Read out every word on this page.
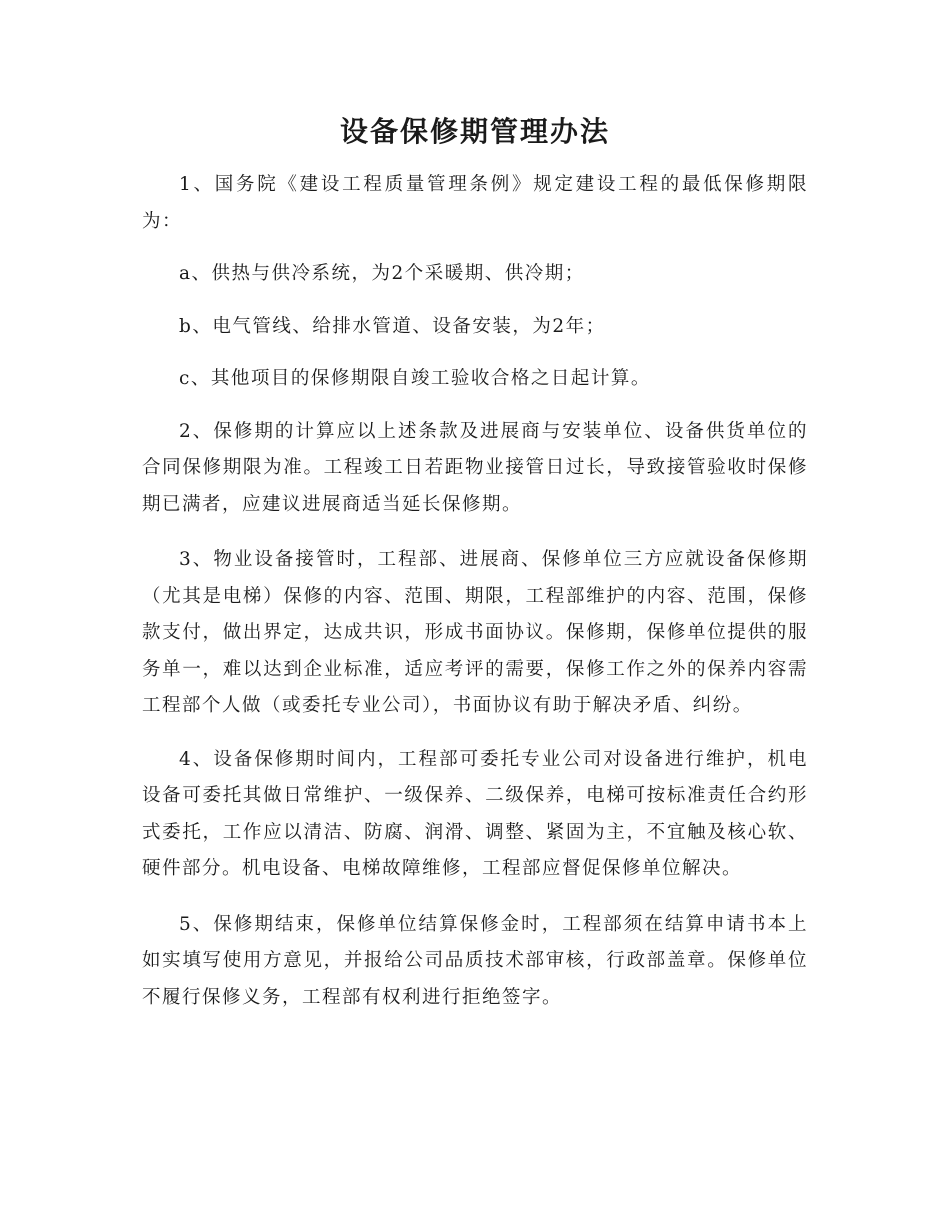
设备保修期管理办法

1、国务院《建设工程质量管理条例》规定建设工程的最低保修期限为：

a、供热与供冷系统，为2个采暖期、供冷期；

b、电气管线、给排水管道、设备安装，为2年；

c、其他项目的保修期限自竣工验收合格之日起计算。

2、保修期的计算应以上述条款及进展商与安装单位、设备供货单位的合同保修期限为准。工程竣工日若距物业接管日过长，导致接管验收时保修期已满者，应建议进展商适当延长保修期。

3、物业设备接管时，工程部、进展商、保修单位三方应就设备保修期（尤其是电梯）保修的内容、范围、期限，工程部维护的内容、范围，保修款支付，做出界定，达成共识，形成书面协议。保修期，保修单位提供的服务单一，难以达到企业标准，适应考评的需要，保修工作之外的保养内容需工程部个人做（或委托专业公司），书面协议有助于解决矛盾、纠纷。

4、设备保修期时间内，工程部可委托专业公司对设备进行维护，机电设备可委托其做日常维护、一级保养、二级保养，电梯可按标准责任合约形式委托，工作应以清洁、防腐、润滑、调整、紧固为主，不宜触及核心软、硬件部分。机电设备、电梯故障维修，工程部应督促保修单位解决。

5、保修期结束，保修单位结算保修金时，工程部须在结算申请书本上如实填写使用方意见，并报给公司品质技术部审核，行政部盖章。保修单位不履行保修义务，工程部有权利进行拒绝签字。
